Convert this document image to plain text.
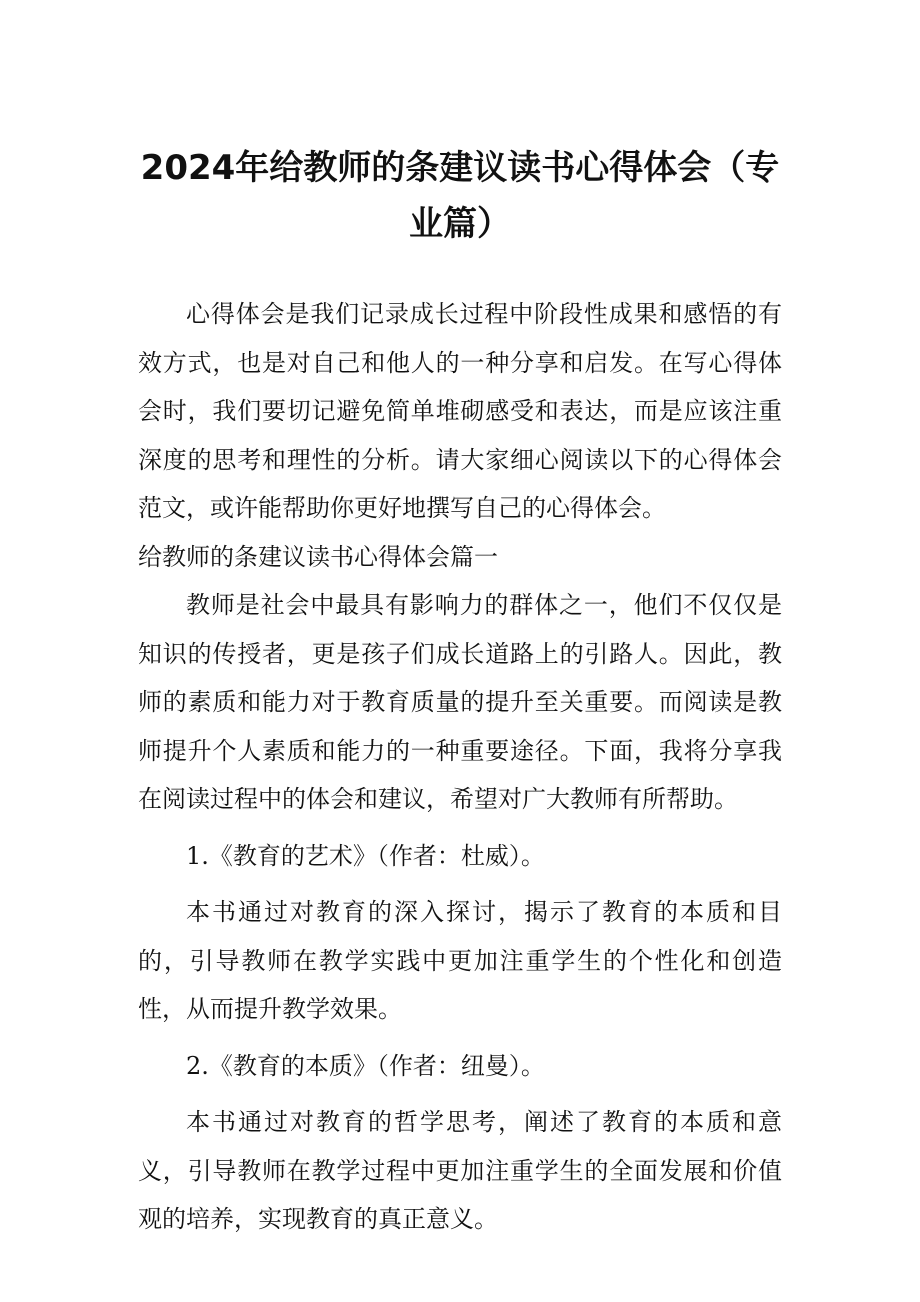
2024年给教师的条建议读书心得体会（专业篇）

心得体会是我们记录成长过程中阶段性成果和感悟的有效方式，也是对自己和他人的一种分享和启发。在写心得体会时，我们要切记避免简单堆砌感受和表达，而是应该注重深度的思考和理性的分析。请大家细心阅读以下的心得体会范文，或许能帮助你更好地撰写自己的心得体会。

给教师的条建议读书心得体会篇一

教师是社会中最具有影响力的群体之一，他们不仅仅是知识的传授者，更是孩子们成长道路上的引路人。因此，教师的素质和能力对于教育质量的提升至关重要。而阅读是教师提升个人素质和能力的一种重要途径。下面，我将分享我在阅读过程中的体会和建议，希望对广大教师有所帮助。

1.《教育的艺术》（作者：杜威）。

本书通过对教育的深入探讨，揭示了教育的本质和目的，引导教师在教学实践中更加注重学生的个性化和创造性，从而提升教学效果。

2.《教育的本质》（作者：纽曼）。

本书通过对教育的哲学思考，阐述了教育的本质和意义，引导教师在教学过程中更加注重学生的全面发展和价值观的培养，实现教育的真正意义。
